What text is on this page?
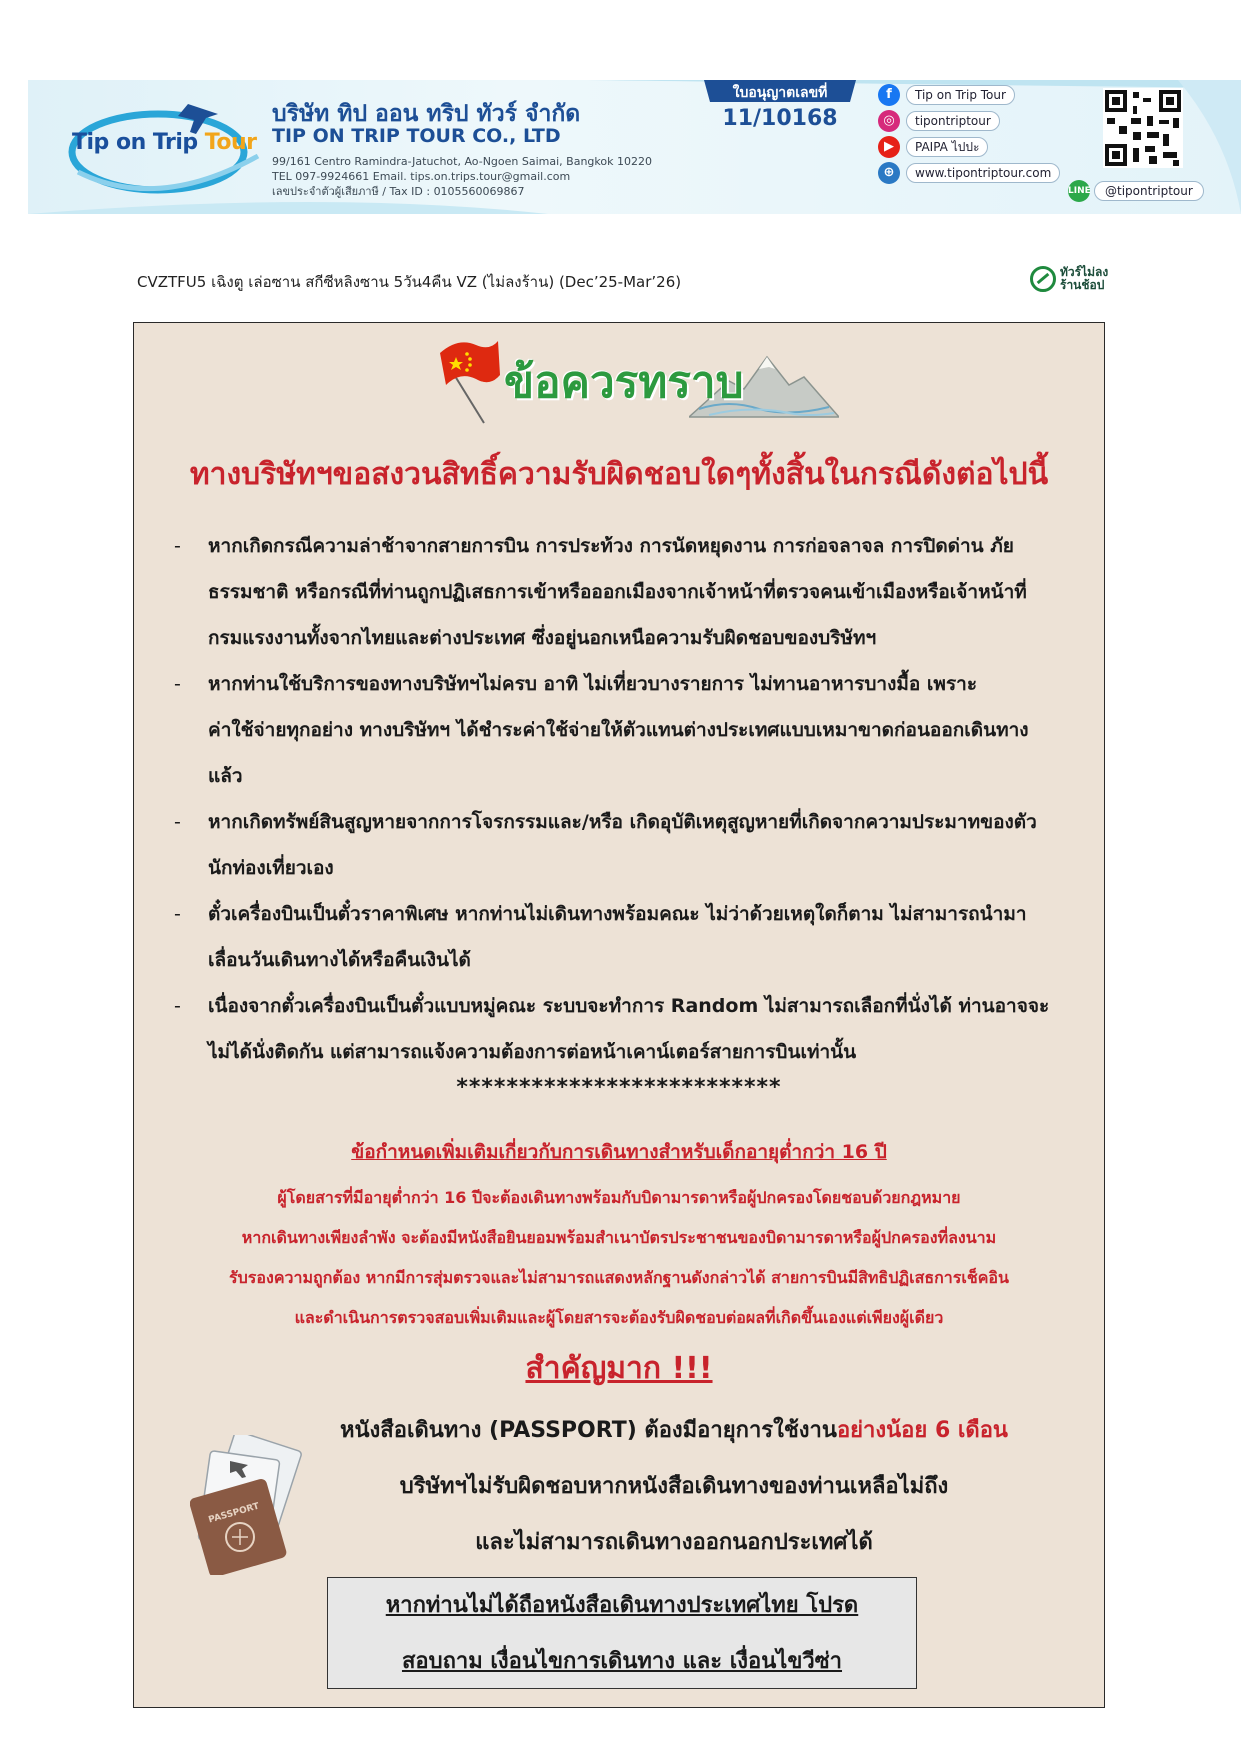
Tip on Trip Tour
บริษัท ทิป ออน ทริป ทัวร์ จำกัด
TIP ON TRIP TOUR CO., LTD
99/161 Centro Ramindra-Jatuchot, Ao-Ngoen Saimai, Bangkok 10220
TEL 097-9924661 Email. tips.on.trips.tour@gmail.com
เลขประจำตัวผู้เสียภาษี / Tax ID : 0105560069867
ใบอนุญาตเลขที่
11/10168
f	Tip on Trip Tour
◎	tipontriptour
▶	PAIPA ไปปะ
⊕	www.tipontriptour.com
LINE	@tipontriptour
CVZTFU5 เฉิงตู เล่อซาน สกีซีหลิงซาน 5วัน4คืน VZ (ไม่ลงร้าน) (Dec’25-Mar’26)
ทัวร์ไม่ลง
ร้านช้อป
ข้อควรทราบ
ทางบริษัทฯขอสงวนสิทธิ์ความรับผิดชอบใดๆทั้งสิ้นในกรณีดังต่อไปนี้
- หากเกิดกรณีความล่าช้าจากสายการบิน การประท้วง การนัดหยุดงาน การก่อจลาจล การปิดด่าน ภัย
ธรรมชาติ หรือกรณีที่ท่านถูกปฏิเสธการเข้าหรือออกเมืองจากเจ้าหน้าที่ตรวจคนเข้าเมืองหรือเจ้าหน้าที่
กรมแรงงานทั้งจากไทยและต่างประเทศ ซึ่งอยู่นอกเหนือความรับผิดชอบของบริษัทฯ
- หากท่านใช้บริการของทางบริษัทฯไม่ครบ อาทิ ไม่เที่ยวบางรายการ ไม่ทานอาหารบางมื้อ เพราะ
ค่าใช้จ่ายทุกอย่าง ทางบริษัทฯ ได้ชำระค่าใช้จ่ายให้ตัวแทนต่างประเทศแบบเหมาขาดก่อนออกเดินทาง
แล้ว
- หากเกิดทรัพย์สินสูญหายจากการโจรกรรมและ/หรือ เกิดอุบัติเหตุสูญหายที่เกิดจากความประมาทของตัว
นักท่องเที่ยวเอง
- ตั๋วเครื่องบินเป็นตั๋วราคาพิเศษ หากท่านไม่เดินทางพร้อมคณะ ไม่ว่าด้วยเหตุใดก็ตาม ไม่สามารถนำมา
เลื่อนวันเดินทางได้หรือคืนเงินได้
- เนื่องจากตั๋วเครื่องบินเป็นตั๋วแบบหมู่คณะ ระบบจะทำการ Random ไม่สามารถเลือกที่นั่งได้ ท่านอาจจะ
ไม่ได้นั่งติดกัน แต่สามารถแจ้งความต้องการต่อหน้าเคาน์เตอร์สายการบินเท่านั้น
**************************
ข้อกำหนดเพิ่มเติมเกี่ยวกับการเดินทางสำหรับเด็กอายุต่ำกว่า 16 ปี
ผู้โดยสารที่มีอายุต่ำกว่า 16 ปีจะต้องเดินทางพร้อมกับบิดามารดาหรือผู้ปกครองโดยชอบด้วยกฎหมาย
หากเดินทางเพียงลำพัง จะต้องมีหนังสือยินยอมพร้อมสำเนาบัตรประชาชนของบิดามารดาหรือผู้ปกครองที่ลงนาม
รับรองความถูกต้อง หากมีการสุ่มตรวจและไม่สามารถแสดงหลักฐานดังกล่าวได้ สายการบินมีสิทธิปฏิเสธการเช็คอิน
และดำเนินการตรวจสอบเพิ่มเติมและผู้โดยสารจะต้องรับผิดชอบต่อผลที่เกิดขึ้นเองแต่เพียงผู้เดียว
สำคัญมาก !!!
PASSPORT
หนังสือเดินทาง (PASSPORT) ต้องมีอายุการใช้งานอย่างน้อย 6 เดือน
บริษัทฯไม่รับผิดชอบหากหนังสือเดินทางของท่านเหลือไม่ถึง
และไม่สามารถเดินทางออกนอกประเทศได้
หากท่านไม่ได้ถือหนังสือเดินทางประเทศไทย โปรด
สอบถาม เงื่อนไขการเดินทาง และ เงื่อนไขวีซ่า
